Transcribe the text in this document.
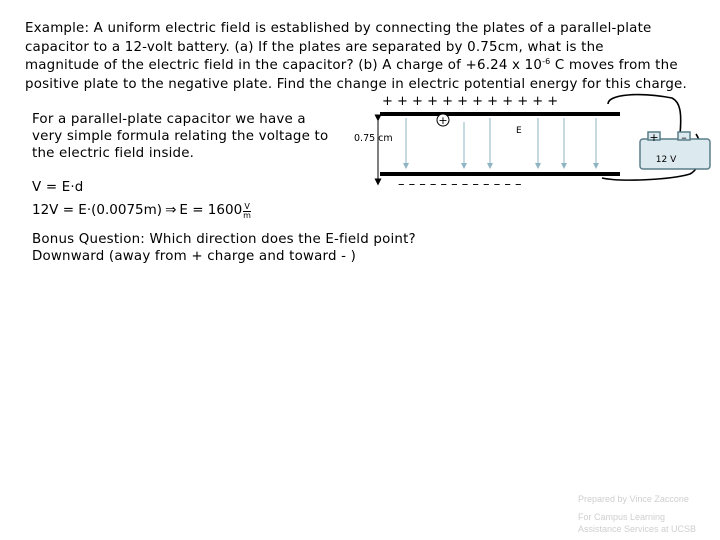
Example: A uniform electric field is established by connecting the plates of a parallel-plate
capacitor to a 12-volt battery. (a) If the plates are separated by 0.75cm, what is the
magnitude of the electric field in the capacitor? (b) A charge of +6.24 x $10^{-6}$ C moves from the
positive plate to the negative plate. Find the change in electric potential energy for this charge.
For a parallel-plate capacitor we have a
very simple formula relating the voltage to
the electric field inside.
V = E·d
12V = E·(0.0075m) ⇒ $E = 1600 \frac{V}{m}$
Bonus Question: Which direction does the E-field point?
Downward (away from + charge and toward - )
+ + + + + + + + + + + +
+
E
0.75 cm
– – – – – – – – – – – –
+ –
12 V
Prepared by Vince Zaccone
For Campus Learning
Assistance Services at UCSB
